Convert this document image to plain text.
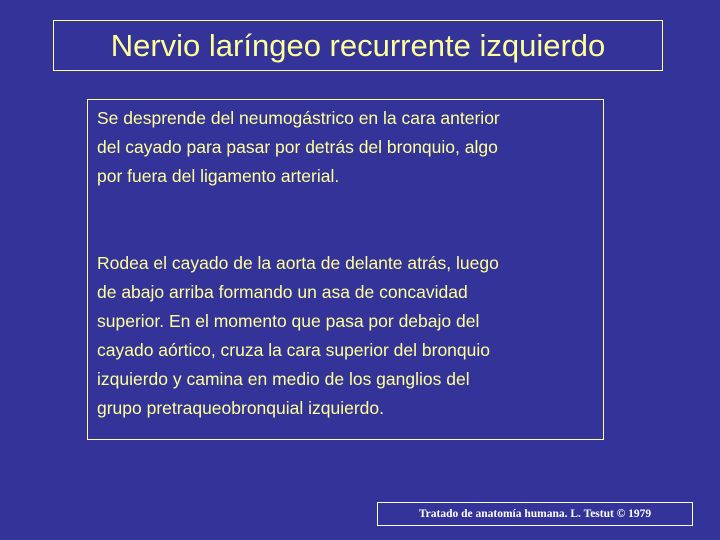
Nervio laríngeo recurrente izquierdo

Se desprende del neumogástrico en la cara anterior
del cayado para pasar por detrás del bronquio, algo
por fuera del ligamento arterial.

Rodea el cayado de la aorta de delante atrás, luego
de abajo arriba formando un asa de concavidad
superior. En el momento que pasa por debajo del
cayado aórtico, cruza la cara superior del bronquio
izquierdo y camina en medio de los ganglios del
grupo pretraqueobronquial izquierdo.

Tratado de anatomía humana. L. Testut © 1979
